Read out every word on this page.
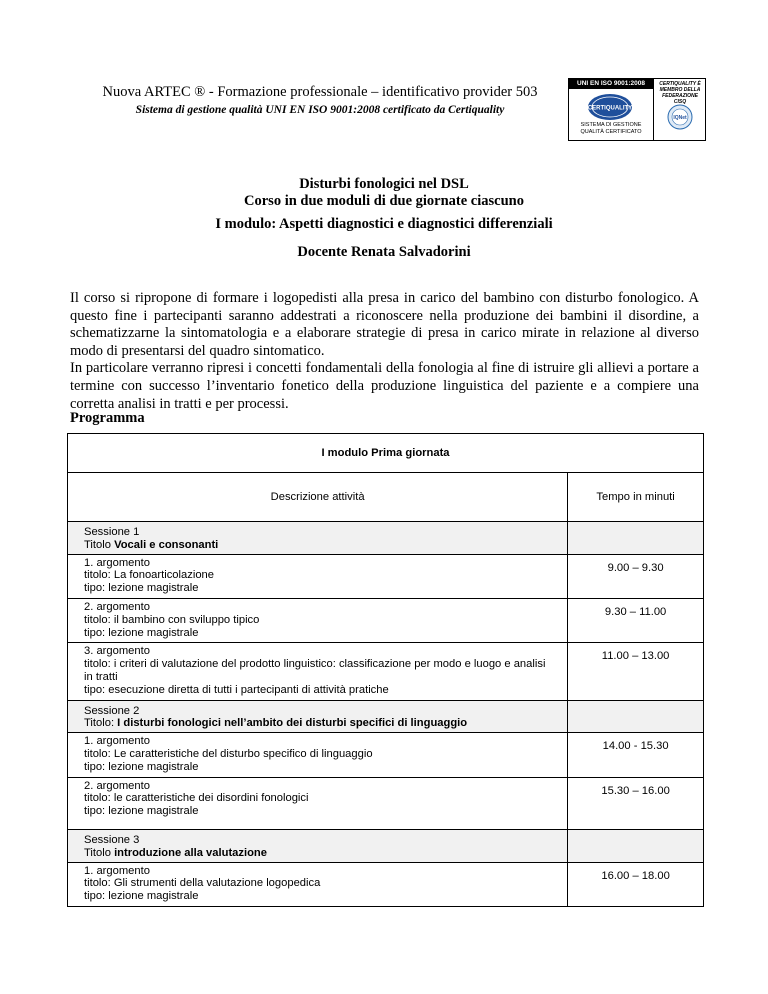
Nuova ARTEC ® - Formazione professionale – identificativo provider 503
Sistema di gestione qualità UNI EN ISO 9001:2008 certificato da Certiquality
UNI EN ISO 9001:2008
CERTIQUALITY
SISTEMA DI GESTIONE QUALITÀ CERTIFICATO
CERTIQUALITY È MEMBRO DELLA FEDERAZIONE CISQ
IQNet
Disturbi fonologici nel DSL
Corso in due moduli di due giornate ciascuno
I modulo: Aspetti diagnostici e diagnostici differenziali
Docente Renata Salvadorini

Il corso si ripropone di formare i logopedisti alla presa in carico del bambino con disturbo fonologico. A questo fine i partecipanti saranno addestrati a riconoscere nella produzione dei bambini il disordine, a schematizzarne la sintomatologia e a elaborare strategie di presa in carico mirate in relazione al diverso modo di presentarsi del quadro sintomatico.

In particolare verranno ripresi i concetti fondamentali della fonologia al fine di istruire gli allievi a portare a termine con successo l’inventario fonetico della produzione linguistica del paziente e a compiere una corretta analisi in tratti e per processi.

Programma
I modulo Prima giornata	
Descrizione attività	Tempo in minuti

Sessione 1
Titolo Vocali e consonanti	

1. argomento
titolo: La fonoarticolazione
tipo: lezione magistrale	9.00 – 9.30

2. argomento
titolo: il bambino con sviluppo tipico
tipo: lezione magistrale	9.30 – 11.00

3. argomento
titolo: i criteri di valutazione del prodotto linguistico: classificazione per modo e luogo e analisi in tratti
tipo: esecuzione diretta di tutti i partecipanti di attività pratiche	11.00 – 13.00

Sessione 2
Titolo: I disturbi fonologici nell’ambito dei disturbi specifici di linguaggio	

1. argomento
titolo: Le caratteristiche del disturbo specifico di linguaggio
tipo: lezione magistrale	14.00 - 15.30

2. argomento
titolo: le caratteristiche dei disordini fonologici
tipo: lezione magistrale	15.30 – 16.00

Sessione 3
Titolo introduzione alla valutazione	

1. argomento
titolo: Gli strumenti della valutazione logopedica
tipo: lezione magistrale	16.00 – 18.00
